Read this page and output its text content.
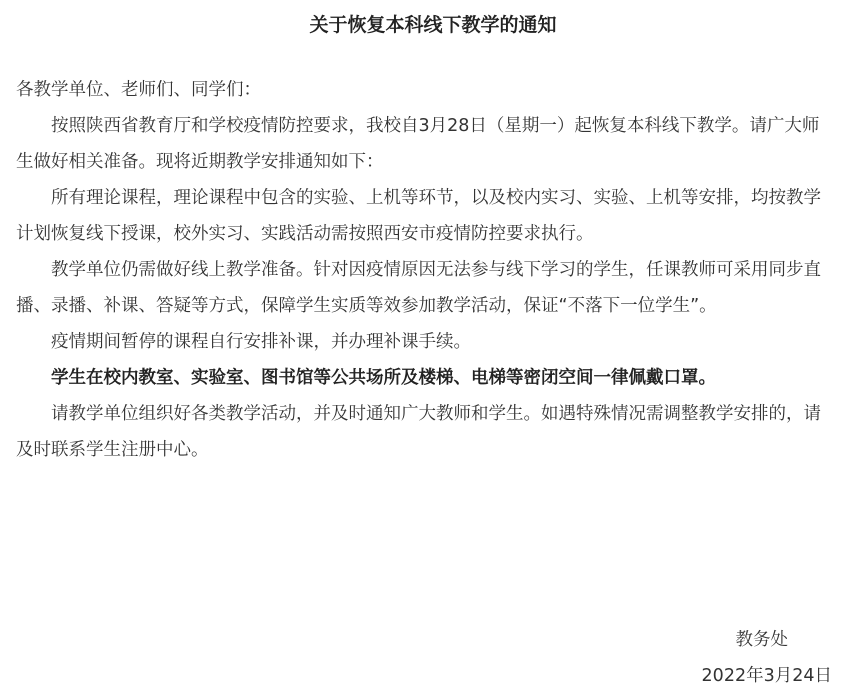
关于恢复本科线下教学的通知

各教学单位、老师们、同学们：

按照陕西省教育厅和学校疫情防控要求，我校自3月28日（星期一）起恢复本科线下教学。请广大师生做好相关准备。现将近期教学安排通知如下：

所有理论课程，理论课程中包含的实验、上机等环节，以及校内实习、实验、上机等安排，均按教学计划恢复线下授课，校外实习、实践活动需按照西安市疫情防控要求执行。

教学单位仍需做好线上教学准备。针对因疫情原因无法参与线下学习的学生，任课教师可采用同步直播、录播、补课、答疑等方式，保障学生实质等效参加教学活动，保证“不落下一位学生”。

疫情期间暂停的课程自行安排补课，并办理补课手续。

学生在校内教室、实验室、图书馆等公共场所及楼梯、电梯等密闭空间一律佩戴口罩。

请教学单位组织好各类教学活动，并及时通知广大教师和学生。如遇特殊情况需调整教学安排的，请及时联系学生注册中心。

教务处
2022年3月24日
